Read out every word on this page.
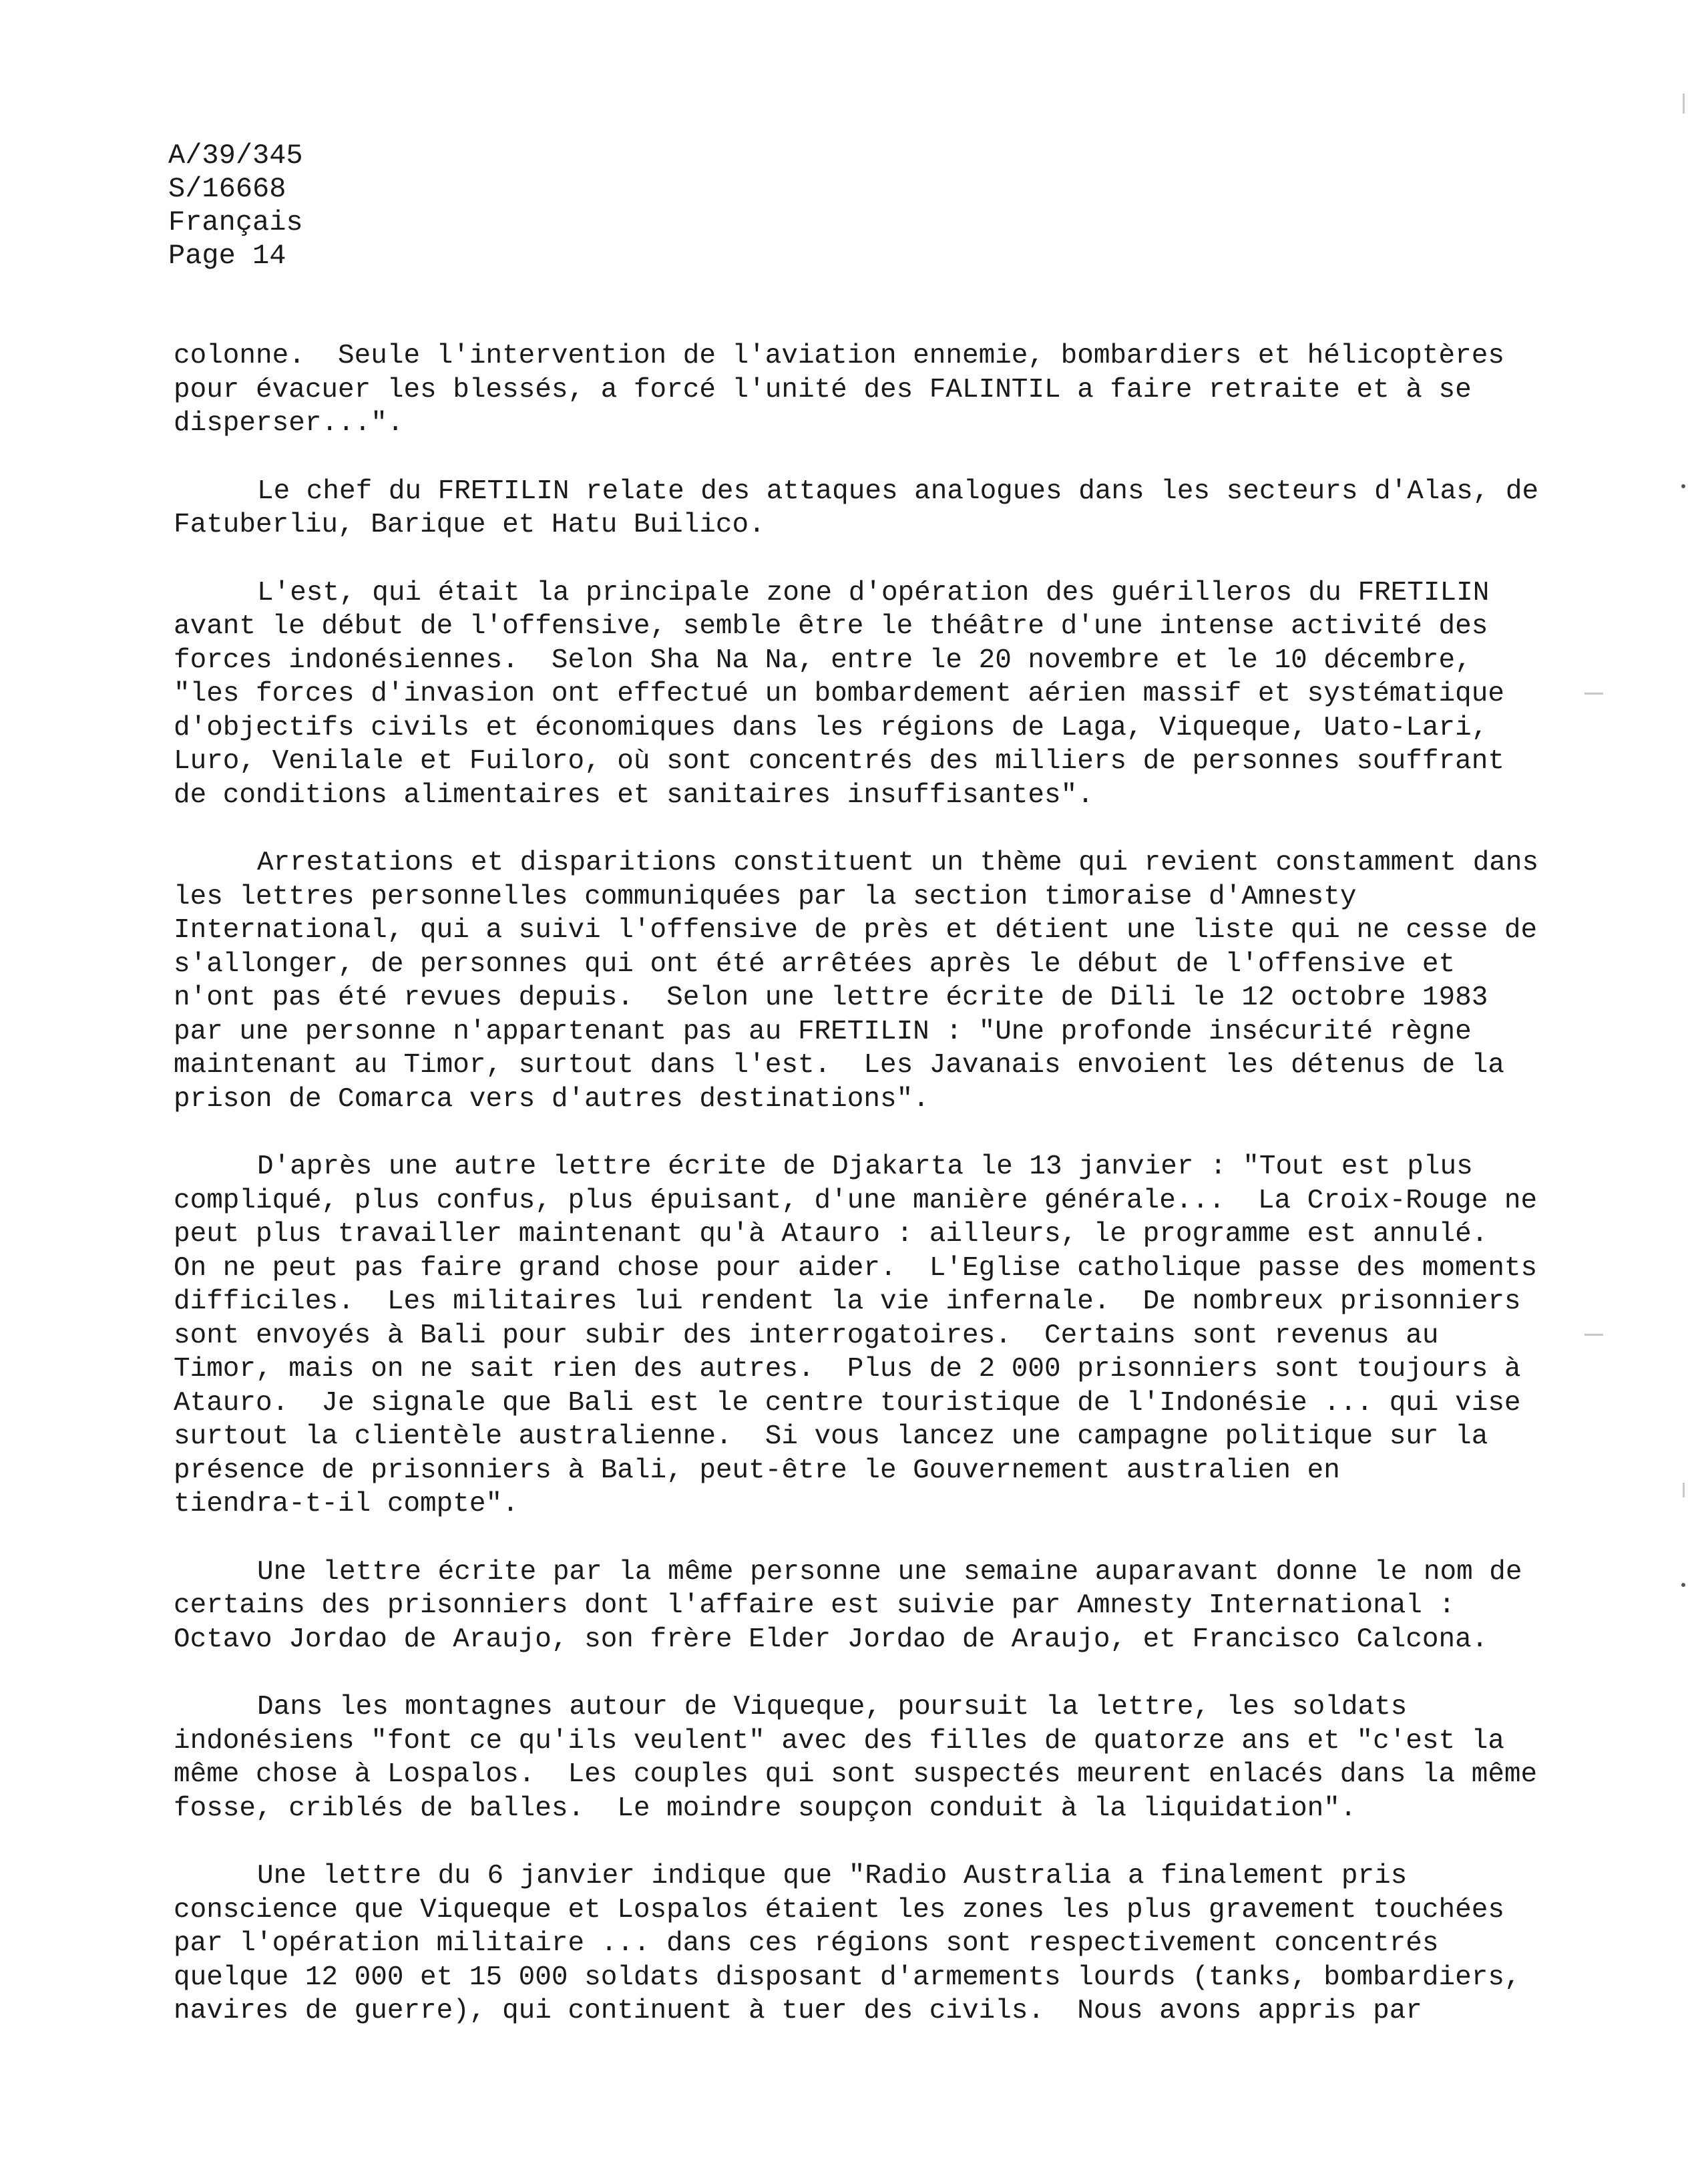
A/39/345
S/16668
Français
Page 14
colonne.  Seule l'intervention de l'aviation ennemie, bombardiers et hélicoptères
pour évacuer les blessés, a forcé l'unité des FALINTIL a faire retraite et à se
disperser...".
Le chef du FRETILIN relate des attaques analogues dans les secteurs d'Alas, de
Fatuberliu, Barique et Hatu Builico.
L'est, qui était la principale zone d'opération des guérilleros du FRETILIN
avant le début de l'offensive, semble être le théâtre d'une intense activité des
forces indonésiennes.  Selon Sha Na Na, entre le 20 novembre et le 10 décembre,
"les forces d'invasion ont effectué un bombardement aérien massif et systématique
d'objectifs civils et économiques dans les régions de Laga, Viqueque, Uato-Lari,
Luro, Venilale et Fuiloro, où sont concentrés des milliers de personnes souffrant
de conditions alimentaires et sanitaires insuffisantes".
Arrestations et disparitions constituent un thème qui revient constamment dans
les lettres personnelles communiquées par la section timoraise d'Amnesty
International, qui a suivi l'offensive de près et détient une liste qui ne cesse de
s'allonger, de personnes qui ont été arrêtées après le début de l'offensive et
n'ont pas été revues depuis.  Selon une lettre écrite de Dili le 12 octobre 1983
par une personne n'appartenant pas au FRETILIN : "Une profonde insécurité règne
maintenant au Timor, surtout dans l'est.  Les Javanais envoient les détenus de la
prison de Comarca vers d'autres destinations".
D'après une autre lettre écrite de Djakarta le 13 janvier : "Tout est plus
compliqué, plus confus, plus épuisant, d'une manière générale...  La Croix-Rouge ne
peut plus travailler maintenant qu'à Atauro : ailleurs, le programme est annulé.
On ne peut pas faire grand chose pour aider.  L'Eglise catholique passe des moments
difficiles.  Les militaires lui rendent la vie infernale.  De nombreux prisonniers
sont envoyés à Bali pour subir des interrogatoires.  Certains sont revenus au
Timor, mais on ne sait rien des autres.  Plus de 2 000 prisonniers sont toujours à
Atauro.  Je signale que Bali est le centre touristique de l'Indonésie ... qui vise
surtout la clientèle australienne.  Si vous lancez une campagne politique sur la
présence de prisonniers à Bali, peut-être le Gouvernement australien en
tiendra-t-il compte".
Une lettre écrite par la même personne une semaine auparavant donne le nom de
certains des prisonniers dont l'affaire est suivie par Amnesty International :
Octavo Jordao de Araujo, son frère Elder Jordao de Araujo, et Francisco Calcona.
Dans les montagnes autour de Viqueque, poursuit la lettre, les soldats
indonésiens "font ce qu'ils veulent" avec des filles de quatorze ans et "c'est la
même chose à Lospalos.  Les couples qui sont suspectés meurent enlacés dans la même
fosse, criblés de balles.  Le moindre soupçon conduit à la liquidation".
Une lettre du 6 janvier indique que "Radio Australia a finalement pris
conscience que Viqueque et Lospalos étaient les zones les plus gravement touchées
par l'opération militaire ... dans ces régions sont respectivement concentrés
quelque 12 000 et 15 000 soldats disposant d'armements lourds (tanks, bombardiers,
navires de guerre), qui continuent à tuer des civils.  Nous avons appris par
